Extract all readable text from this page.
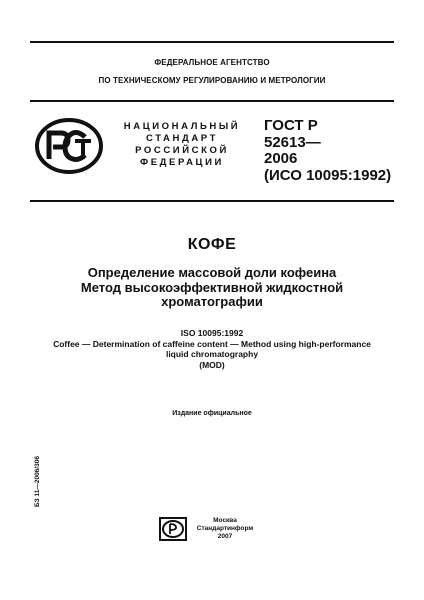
ФЕДЕРАЛЬНОЕ АГЕНТСТВО
ПО ТЕХНИЧЕСКОМУ РЕГУЛИРОВАНИЮ И МЕТРОЛОГИИ
НАЦИОНАЛЬНЫЙ
СТАНДАРТ
РОССИЙСКОЙ
ФЕДЕРАЦИИ
ГОСТ Р
52613—
2006
(ИСО 10095:1992)
КОФЕ
Определение массовой доли кофеина
Метод высокоэффективной жидкостной
хроматографии
ISO 10095:1992
Coffee — Determination of caffeine content — Method using high-performance
liquid chromatography
(MOD)
Издание официальное
БЗ 11—2006/306
Москва
Стандартинформ
2007
